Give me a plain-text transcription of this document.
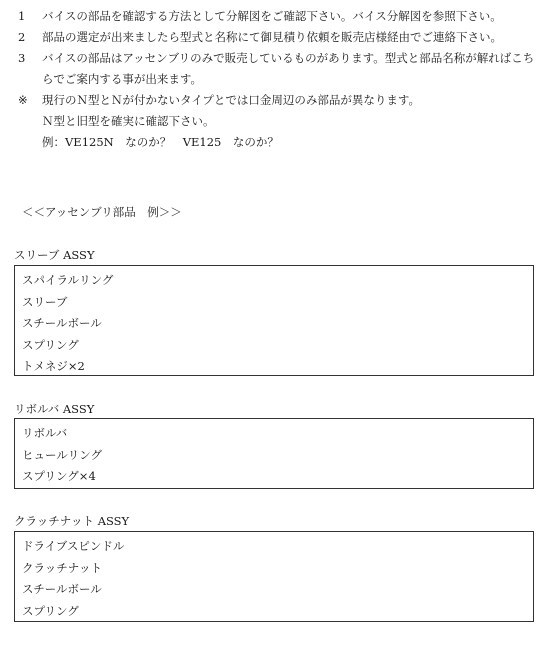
1	バイスの部品を確認する方法として分解図をご確認下さい。バイス分解図を参照下さい。
2	部品の選定が出来ましたら型式と名称にて御見積り依頼を販売店様経由でご連絡下さい。
3	バイスの部品はアッセンブリのみで販売しているものがあります。型式と部品名称が解ればこちらでご案内する事が出来ます。
※	現行のＮ型とＮが付かないタイプとでは口金周辺のみ部品が異なります。
Ｎ型と旧型を確実に確認下さい。
例：VE125N　なのか？　VE125　なのか？
＜＜アッセンブリ部品　例＞＞
スリーブ ASSY
スパイラルリング
スリーブ
スチールボール
スプリング
トメネジ×2
リボルバ ASSY
リボルバ
ヒュールリング
スプリング×4
クラッチナット ASSY
ドライブスピンドル
クラッチナット
スチールボール
スプリング
